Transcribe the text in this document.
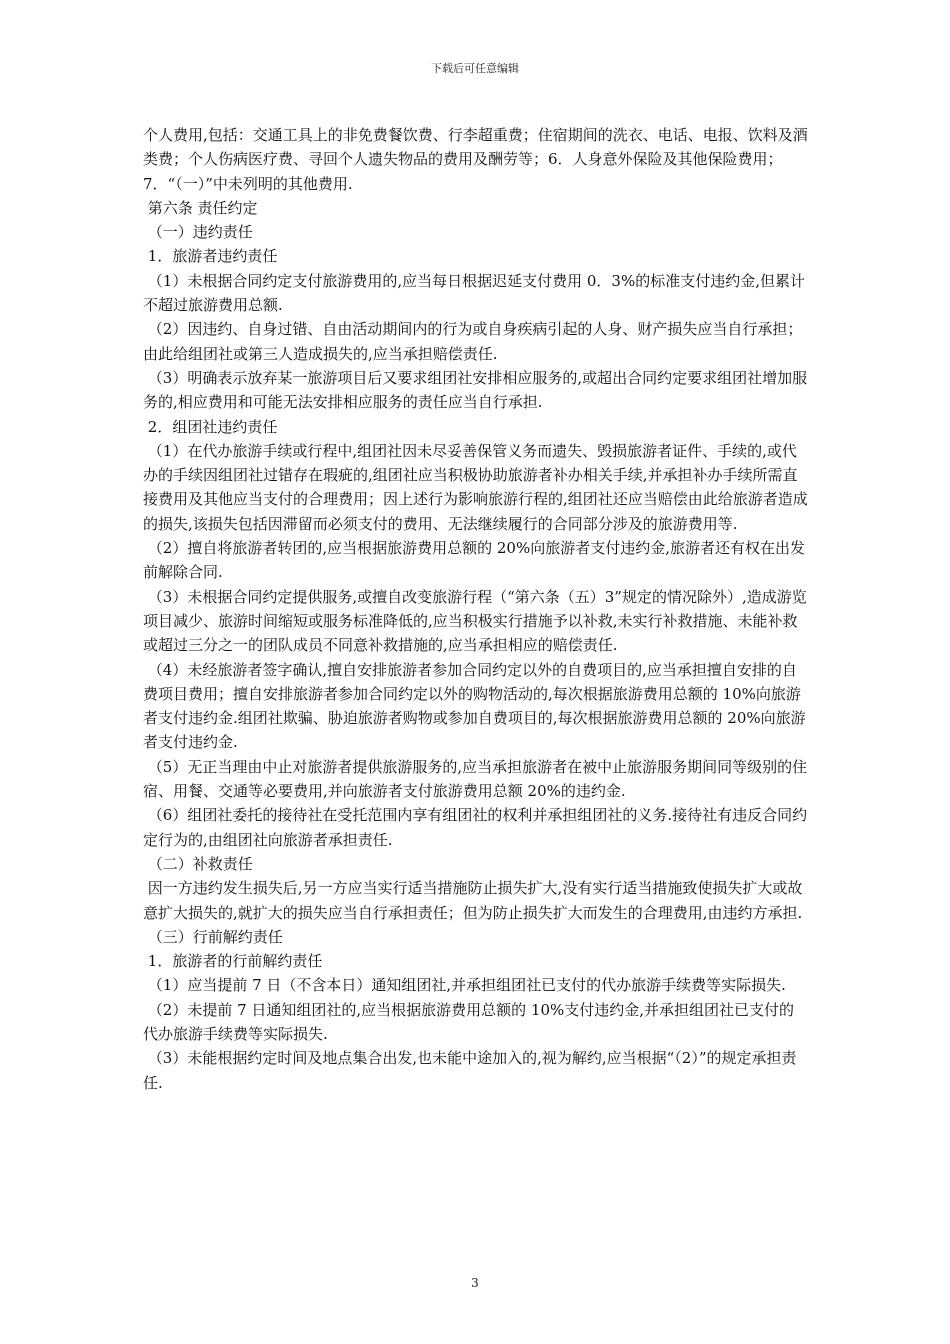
下载后可任意编辑

个人费用,包括：交通工具上的非免费餐饮费、行李超重费；住宿期间的洗衣、电话、电报、饮料及酒类费；个人伤病医疗费、寻回个人遗失物品的费用及酬劳等；6．人身意外保险及其他保险费用；7．“（一）”中未列明的其他费用.

第六条 责任约定

（一）违约责任

1．旅游者违约责任

（1）未根据合同约定支付旅游费用的,应当每日根据迟延支付费用 0．3%的标准支付违约金,但累计不超过旅游费用总额.

（2）因违约、自身过错、自由活动期间内的行为或自身疾病引起的人身、财产损失应当自行承担；由此给组团社或第三人造成损失的,应当承担赔偿责任.

（3）明确表示放弃某一旅游项目后又要求组团社安排相应服务的,或超出合同约定要求组团社增加服务的,相应费用和可能无法安排相应服务的责任应当自行承担.

2．组团社违约责任

（1）在代办旅游手续或行程中,组团社因未尽妥善保管义务而遗失、毁损旅游者证件、手续的,或代办的手续因组团社过错存在瑕疵的,组团社应当积极协助旅游者补办相关手续,并承担补办手续所需直接费用及其他应当支付的合理费用；因上述行为影响旅游行程的,组团社还应当赔偿由此给旅游者造成的损失,该损失包括因滞留而必须支付的费用、无法继续履行的合同部分涉及的旅游费用等.

（2）擅自将旅游者转团的,应当根据旅游费用总额的 20%向旅游者支付违约金,旅游者还有权在出发前解除合同.

（3）未根据合同约定提供服务,或擅自改变旅游行程（“第六条（五）3”规定的情况除外）,造成游览项目减少、旅游时间缩短或服务标准降低的,应当积极实行措施予以补救,未实行补救措施、未能补救或超过三分之一的团队成员不同意补救措施的,应当承担相应的赔偿责任.

（4）未经旅游者签字确认,擅自安排旅游者参加合同约定以外的自费项目的,应当承担擅自安排的自费项目费用；擅自安排旅游者参加合同约定以外的购物活动的,每次根据旅游费用总额的 10%向旅游者支付违约金.组团社欺骗、胁迫旅游者购物或参加自费项目的,每次根据旅游费用总额的 20%向旅游者支付违约金.

（5）无正当理由中止对旅游者提供旅游服务的,应当承担旅游者在被中止旅游服务期间同等级别的住宿、用餐、交通等必要费用,并向旅游者支付旅游费用总额 20%的违约金.

（6）组团社委托的接待社在受托范围内享有组团社的权利并承担组团社的义务.接待社有违反合同约定行为的,由组团社向旅游者承担责任.

（二）补救责任

因一方违约发生损失后,另一方应当实行适当措施防止损失扩大,没有实行适当措施致使损失扩大或故意扩大损失的,就扩大的损失应当自行承担责任；但为防止损失扩大而发生的合理费用,由违约方承担.

（三）行前解约责任

1．旅游者的行前解约责任

（1）应当提前 7 日（不含本日）通知组团社,并承担组团社已支付的代办旅游手续费等实际损失.

（2）未提前 7 日通知组团社的,应当根据旅游费用总额的 10%支付违约金,并承担组团社已支付的代办旅游手续费等实际损失.

（3）未能根据约定时间及地点集合出发,也未能中途加入的,视为解约,应当根据“（2）”的规定承担责任.

3
